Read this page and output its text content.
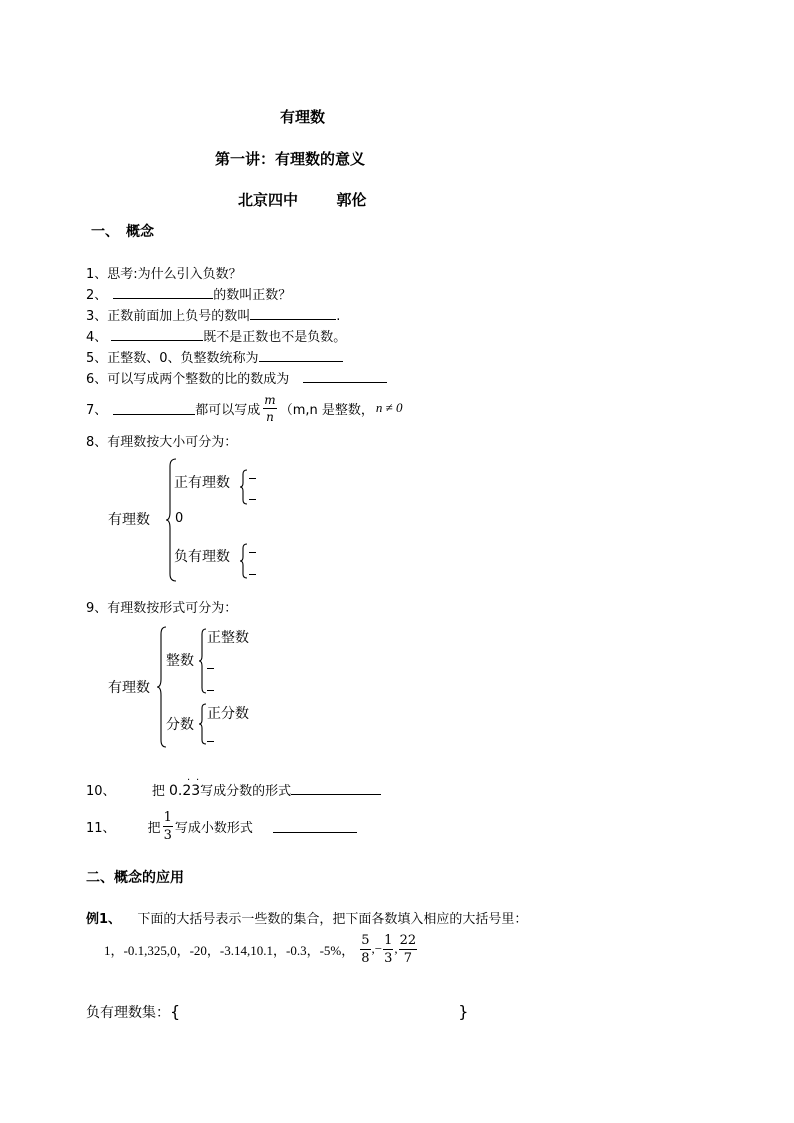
有理数
第一讲：有理数的意义
北京四中	郭伦
一、　概念
1、思考:为什么引入负数？
2、	的数叫正数？
3、正数前面加上负号的数叫	.
4、	既不是正数也不是负数。
5、正整数、0、负整数统称为
6、可以写成两个整数的比的数成为
7、	都可以写成 $\frac{m}{n} (m,n$ 是整数， n ≠ 0
8、有理数按大小可分为：
有理数
正有理数
0
负有理数
9、有理数按形式可分为：
有理数
整数
正整数
分数
正分数
10、	把 0.23
· ·
写成分数的形式
11、 把 $\frac{1}{3}$ 写成小数形式
二、概念的应用
例1、 下面的大括号表示一些数的集合，把下面各数填入相应的大括号里：
1，-0.1,325,0，-20，-3.14,10.1，-0.3，-5%， $\frac{5}{8}$ , − $\frac{1}{3}$ , $\frac{22}{7}$
负有理数集：{	}
